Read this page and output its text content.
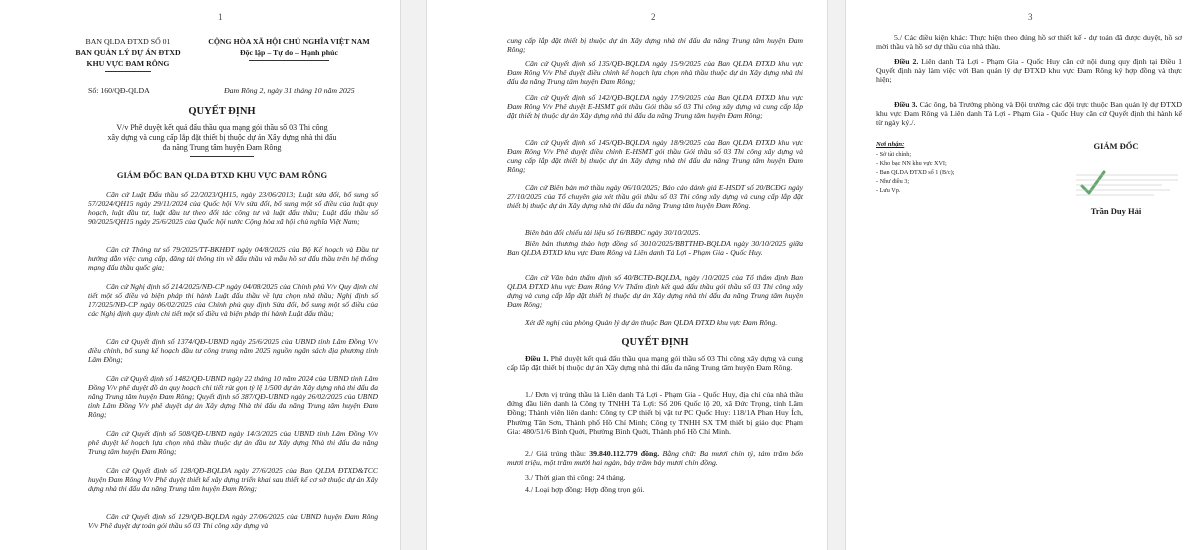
1
BAN QLDA ĐTXD SỐ 01
BAN QUẢN LÝ DỰ ÁN ĐTXD
KHU VỰC ĐAM RÔNG
CỘNG HÒA XÃ HỘI CHỦ NGHĨA VIỆT NAM
Độc lập – Tự do – Hạnh phúc
Số: 160/QĐ-QLDA	Đam Rông 2, ngày 31 tháng 10 năm 2025
QUYẾT ĐỊNH
V/v Phê duyệt kết quả đấu thầu qua mạng gói thầu số 03 Thi công
xây dựng và cung cấp lắp đặt thiết bị thuộc dự án Xây dựng nhà thi đấu
đa năng Trung tâm huyện Đam Rông
GIÁM ĐỐC BAN QLDA ĐTXD KHU VỰC ĐAM RÔNG

Căn cứ Luật Đấu thầu số 22/2023/QH15, ngày 23/06/2013; Luật sửa đổi, bổ sung số 57/2024/QH15 ngày 29/11/2024 của Quốc hội V/v sửa đổi, bổ sung một số điều của luật quy hoạch, luật đầu tư, luật đầu tư theo đổi tác công tư và luật đấu thầu; Luật đấu thầu số 90/2025/QH15 ngày 25/6/2025 của Quốc hội nước Cộng hòa xã hội chủ nghĩa Việt Nam;

Căn cứ Thông tư số 79/2025/TT-BKHĐT ngày 04/8/2025 của Bộ Kế hoạch và Đầu tư hướng dẫn việc cung cấp, đăng tải thông tin về đấu thầu và mẫu hồ sơ đấu thầu trên hệ thống mạng đấu thầu quốc gia;

Căn cứ Nghị định số 214/2025/NĐ-CP ngày 04/08/2025 của Chính phủ V/v Quy định chi tiết một số điều và biện pháp thi hành Luật đấu thầu về lựa chọn nhà thầu; Nghị định số 17/2025/NĐ-CP ngày 06/02/2025 của Chính phủ quy định Sửa đổi, bổ sung một số điều của các Nghị định quy định chi tiết một số điều và biện pháp thi hành Luật đấu thầu;

Căn cứ Quyết định số 1374/QĐ-UBND ngày 25/6/2025 của UBND tỉnh Lâm Đồng V/v điều chỉnh, bổ sung kế hoạch đầu tư công trung năm 2025 nguồn ngân sách địa phương tỉnh Lâm Đồng;

Căn cứ Quyết định số 1482/QĐ-UBND ngày 22 tháng 10 năm 2024 của UBND tỉnh Lâm Đồng V/v phê duyệt đồ án quy hoạch chi tiết rút gọn tỷ lệ 1/500 dự án Xây dựng nhà thi đấu đa năng Trung tâm huyện Đam Rông; Quyết định số 387/QĐ-UBND ngày 26/02/2025 của UBND tỉnh Lâm Đồng V/v phê duyệt dự án Xây dựng Nhà thi đấu đa năng Trung tâm huyện Đam Rông;

Căn cứ Quyết định số 508/QĐ-UBND ngày 14/3/2025 của UBND tỉnh Lâm Đồng V/v phê duyệt kế hoạch lựa chọn nhà thầu thuộc dự án đầu tư Xây dựng Nhà thi đấu đa năng Trung tâm huyện Đam Rông;

Căn cứ Quyết định số 128/QĐ-BQLDA ngày 27/6/2025 của Ban QLDA ĐTXD&TCC huyện Đam Rông V/v Phê duyệt thiết kế xây dựng triển khai sau thiết kế cơ sở thuộc dự án Xây dựng nhà thi đấu đa năng Trung tâm huyện Đam Rông;

Căn cứ Quyết định số 129/QĐ-BQLDA ngày 27/06/2025 của UBND huyện Đam Rông V/v Phê duyệt dự toán gói thầu số 03 Thi công xây dựng và

2

cung cấp lắp đặt thiết bị thuộc dự án Xây dựng nhà thi đấu đa năng Trung tâm huyện Đam Rông;

Căn cứ Quyết định số 135/QĐ-BQLDA ngày 15/9/2025 của Ban QLDA ĐTXD khu vực Đam Rông V/v Phê duyệt điều chỉnh kế hoạch lựa chọn nhà thầu thuộc dự án Xây dựng nhà thi đấu đa năng Trung tâm huyện Đam Rông;

Căn cứ Quyết định số 142/QĐ-BQLDA ngày 17/9/2025 của Ban QLDA ĐTXD khu vực Đam Rông V/v Phê duyệt E-HSMT gói thầu Gói thầu số 03 Thi công xây dựng và cung cấp lắp đặt thiết bị thuộc dự án Xây dựng nhà thi đấu đa năng Trung tâm huyện Đam Rông;

Căn cứ Quyết định số 145/QĐ-BQLDA ngày 18/9/2025 của Ban QLDA ĐTXD khu vực Đam Rông V/v Phê duyệt điều chỉnh E-HSMT gói thầu Gói thầu số 03 Thi công xây dựng và cung cấp lắp đặt thiết bị thuộc dự án Xây dựng nhà thi đấu đa năng Trung tâm huyện Đam Rông;

Căn cứ Biên bản mở thầu ngày 06/10/2025; Báo cáo đánh giá E-HSDT số 20/BCĐG ngày 27/10/2025 của Tổ chuyên gia xét thầu gói thầu số 03 Thi công xây dựng và cung cấp lắp đặt thiết bị thuộc dự án Xây dựng nhà thi đấu đa năng Trung tâm huyện Đam Rông.

Biên bản đối chiếu tài liệu số 16/BBĐC ngày 30/10/2025.

Biên bản thương thảo hợp đồng số 3010/2025/BBTTHĐ-BQLDA ngày 30/10/2025 giữa Ban QLDA ĐTXD khu vực Đam Rông và Liên danh Tả Lợi - Phạm Gia - Quốc Huy.

Căn cứ Văn bản thẩm định số 40/BCTĐ-BQLDA, ngày /10/2025 của Tổ thẩm định Ban QLDA ĐTXD khu vực Đam Rông V/v Thẩm định kết quả đấu thầu gói thầu số 03 Thi công xây dựng và cung cấp lắp đặt thiết bị thuộc dự án Xây dựng nhà thi đấu đa năng Trung tâm huyện Đam Rông;

Xét đề nghị của phòng Quản lý dự án thuộc Ban QLDA ĐTXD khu vực Đam Rông.

QUYẾT ĐỊNH

Điều 1. Phê duyệt kết quả đấu thầu qua mạng gói thầu số 03 Thi công xây dựng và cung cấp lắp đặt thiết bị thuộc dự án Xây dựng nhà thi đấu đa năng Trung tâm huyện Đam Rông.

1./ Đơn vị trúng thầu là Liên danh Tả Lợi - Phạm Gia - Quốc Huy, địa chỉ của nhà thầu đứng đầu liên danh là Công ty TNHH Tả Lợi: Số 206 Quốc lộ 20, xã Đức Trọng, tỉnh Lâm Đồng; Thành viên liên danh: Công ty CP thiết bị vật tư PC Quốc Huy: 118/1A Phan Huy Ích, Phường Tân Sơn, Thành phố Hồ Chí Minh; Công ty TNHH SX TM thiết bị giáo dục Phạm Gia: 480/51/6 Bình Quới, Phường Bình Quới, Thành phố Hồ Chí Minh.

2./ Giá trúng thầu: 39.840.112.779 đồng. Bằng chữ: Ba mươi chín tỷ, tám trăm bốn mươi triệu, một trăm mười hai ngàn, bảy trăm bảy mươi chín đồng.

3./ Thời gian thi công: 24 tháng.

4./ Loại hợp đồng: Hợp đồng trọn gói.

3

5./ Các điều kiện khác: Thực hiện theo đúng hồ sơ thiết kế - dự toán đã được duyệt, hồ sơ mời thầu và hồ sơ dự thầu của nhà thầu.

Điều 2. Liên danh Tả Lợi - Phạm Gia - Quốc Huy căn cứ nội dung quy định tại Điều 1 Quyết định này làm việc với Ban quản lý dự ĐTXD khu vực Đam Rông ký hợp đồng và thực hiện;

Điều 3. Các ông, bà Trưởng phòng và Đội trưởng các đội trực thuộc Ban quản lý dự ĐTXD khu vực Đam Rông và Liên danh Tả Lợi - Phạm Gia - Quốc Huy căn cứ Quyết định thi hành kể từ ngày ký./.

Nơi nhận:
- Sở tài chính;
- Kho bạc NN khu vực XVI;
- Ban QLDA ĐTXD số 1 (B/c);
- Như điều 3;
- Lưu Vp.
GIÁM ĐỐC
Trần Duy Hải
